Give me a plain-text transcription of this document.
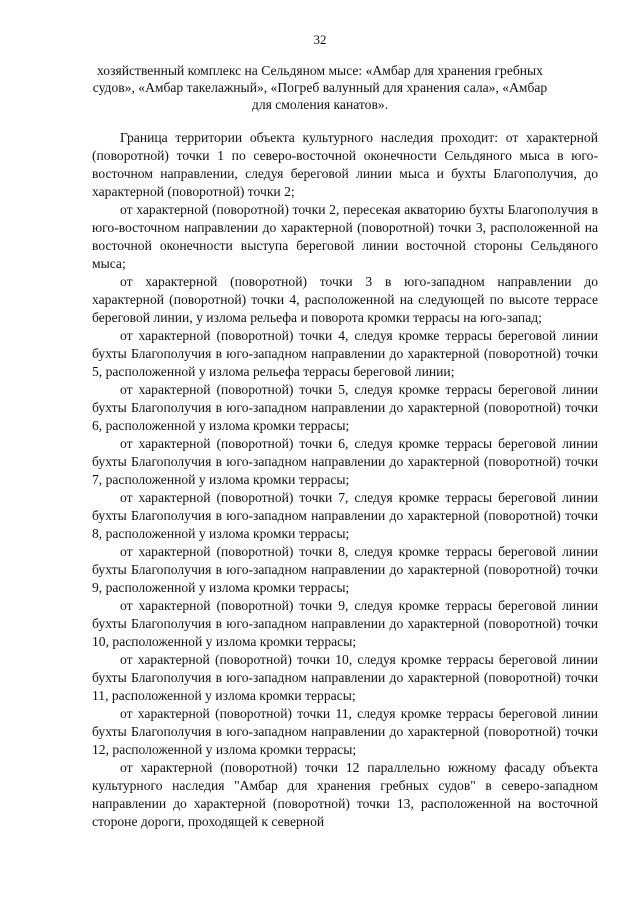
32
хозяйственный комплекс на Сельдяном мысе: «Амбар для хранения гребных судов», «Амбар такелажный», «Погреб валунный для хранения сала», «Амбар для смоления канатов».

Граница территории объекта культурного наследия проходит: от характерной (поворотной) точки 1 по северо-восточной оконечности Сельдяного мыса в юго-восточном направлении, следуя береговой линии мыса и бухты Благополучия, до характерной (поворотной) точки 2;

от характерной (поворотной) точки 2, пересекая акваторию бухты Благополучия в юго-восточном направлении до характерной (поворотной) точки 3, расположенной на восточной оконечности выступа береговой линии восточной стороны Сельдяного мыса;

от характерной (поворотной) точки 3 в юго-западном направлении до характерной (поворотной) точки 4, расположенной на следующей по высоте террасе береговой линии, у излома рельефа и поворота кромки террасы на юго-запад;

от характерной (поворотной) точки 4, следуя кромке террасы береговой линии бухты Благополучия в юго-западном направлении до характерной (поворотной) точки 5, расположенной у излома рельефа террасы береговой линии;

от характерной (поворотной) точки 5, следуя кромке террасы береговой линии бухты Благополучия в юго-западном направлении до характерной (поворотной) точки 6, расположенной у излома кромки террасы;

от характерной (поворотной) точки 6, следуя кромке террасы береговой линии бухты Благополучия в юго-западном направлении до характерной (поворотной) точки 7, расположенной у излома кромки террасы;

от характерной (поворотной) точки 7, следуя кромке террасы береговой линии бухты Благополучия в юго-западном направлении до характерной (поворотной) точки 8, расположенной у излома кромки террасы;

от характерной (поворотной) точки 8, следуя кромке террасы береговой линии бухты Благополучия в юго-западном направлении до характерной (поворотной) точки 9, расположенной у излома кромки террасы;

от характерной (поворотной) точки 9, следуя кромке террасы береговой линии бухты Благополучия в юго-западном направлении до характерной (поворотной) точки 10, расположенной у излома кромки террасы;

от характерной (поворотной) точки 10, следуя кромке террасы береговой линии бухты Благополучия в юго-западном направлении до характерной (поворотной) точки 11, расположенной у излома кромки террасы;

от характерной (поворотной) точки 11, следуя кромке террасы береговой линии бухты Благополучия в юго-западном направлении до характерной (поворотной) точки 12, расположенной у излома кромки террасы;

от характерной (поворотной) точки 12 параллельно южному фасаду объекта культурного наследия "Амбар для хранения гребных судов" в северо-западном направлении до характерной (поворотной) точки 13, расположенной на восточной стороне дороги, проходящей к северной
